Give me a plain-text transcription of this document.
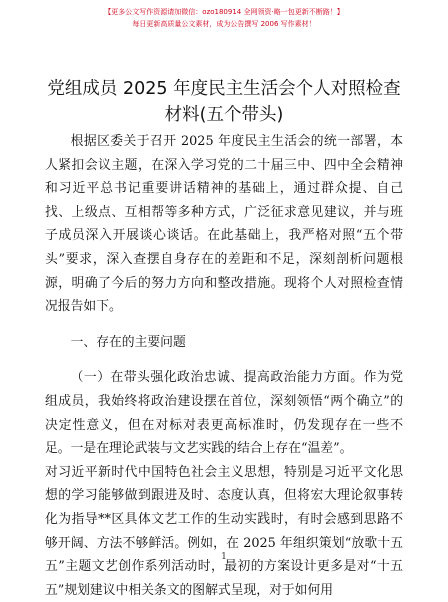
【更多公文写作资源请加微信：ozo180914 全网领资·略一包更新不断路！】
每日更新高质量公文素材，成为公告撰写 2006 写作素材！
党组成员 2025 年度民主生活会个人对照检查材料(五个带头)

根据区委关于召开 2025 年度民主生活会的统一部署，本人紧扣会议主题，在深入学习党的二十届三中、四中全会精神和习近平总书记重要讲话精神的基础上，通过群众提、自己找、上级点、互相帮等多种方式，广泛征求意见建议，并与班子成员深入开展谈心谈话。在此基础上，我严格对照“五个带头”要求，深入查摆自身存在的差距和不足，深刻剖析问题根源，明确了今后的努力方向和整改措施。现将个人对照检查情况报告如下。

一、存在的主要问题

（一）在带头强化政治忠诚、提高政治能力方面。作为党组成员，我始终将政治建设摆在首位，深刻领悟“两个确立”的决定性意义，但在对标对表更高标准时，仍发现存在一些不足。一是在理论武装与文艺实践的结合上存在“温差”。

对习近平新时代中国特色社会主义思想，特别是习近平文化思想的学习能够做到跟进及时、态度认真，但将宏大理论叙事转化为指导**区具体文艺工作的生动实践时，有时会感到思路不够开阔、方法不够鲜活。例如，在 2025 年组织策划“放歌十五五”主题文艺创作系列活动时，最初的方案设计更多是对“十五五”规划建议中相关条文的图解式呈现，对于如何用

1
